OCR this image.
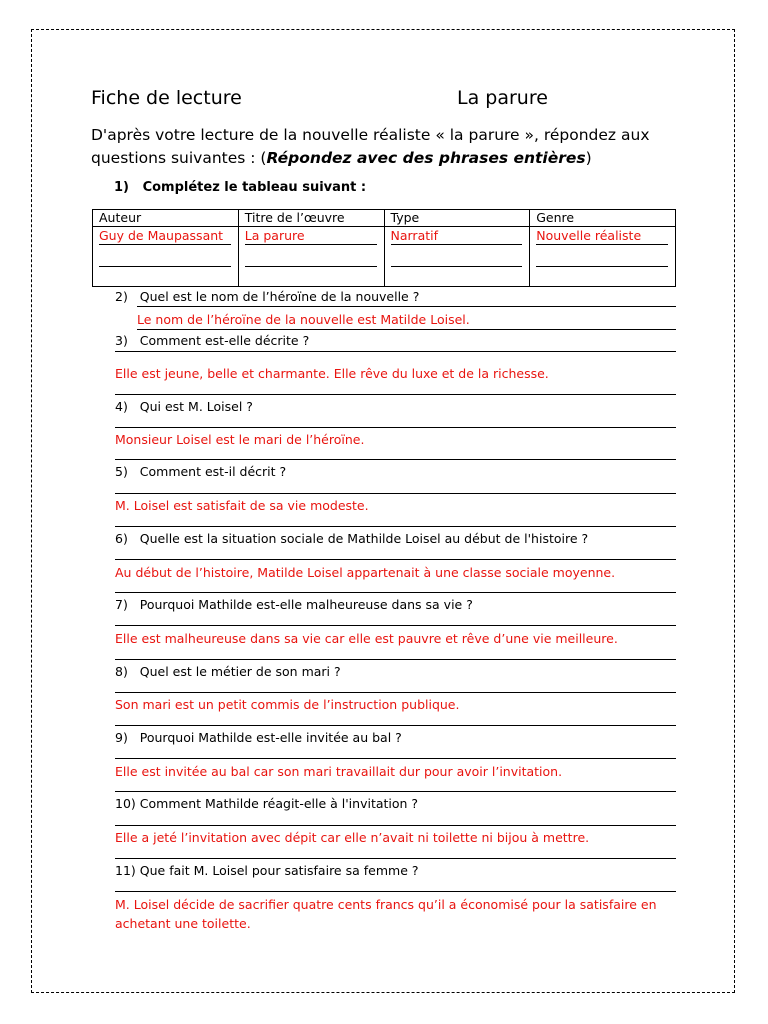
Fiche de lecture	La parure
D'après votre lecture de la nouvelle réaliste « la parure », répondez aux questions suivantes : (Répondez avec des phrases entières)
1) Complétez le tableau suivant :
Auteur	Titre de l’œuvre	Type	Genre

Guy de Maupassant	La parure	Narratif	Nouvelle réaliste
2) Quel est le nom de l’héroïne de la nouvelle ?
Le nom de l’héroïne de la nouvelle est Matilde Loisel.
3) Comment est-elle décrite ?
Elle est jeune, belle et charmante. Elle rêve du luxe et de la richesse.
4) Qui est M. Loisel ?
Monsieur Loisel est le mari de l’héroïne.
5) Comment est-il décrit ?
M. Loisel est satisfait de sa vie modeste.
6) Quelle est la situation sociale de Mathilde Loisel au début de l'histoire ?
Au début de l’histoire, Matilde Loisel appartenait à une classe sociale moyenne.
7) Pourquoi Mathilde est-elle malheureuse dans sa vie ?
Elle est malheureuse dans sa vie car elle est pauvre et rêve d’une vie meilleure.
8) Quel est le métier de son mari ?
Son mari est un petit commis de l’instruction publique.
9) Pourquoi Mathilde est-elle invitée au bal ?
Elle est invitée au bal car son mari travaillait dur pour avoir l’invitation.
10) Comment Mathilde réagit-elle à l'invitation ?
Elle a jeté l’invitation avec dépit car elle n’avait ni toilette ni bijou à mettre.
11) Que fait M. Loisel pour satisfaire sa femme ?
M. Loisel décide de sacrifier quatre cents francs qu’il a économisé pour la satisfaire en
achetant une toilette.
